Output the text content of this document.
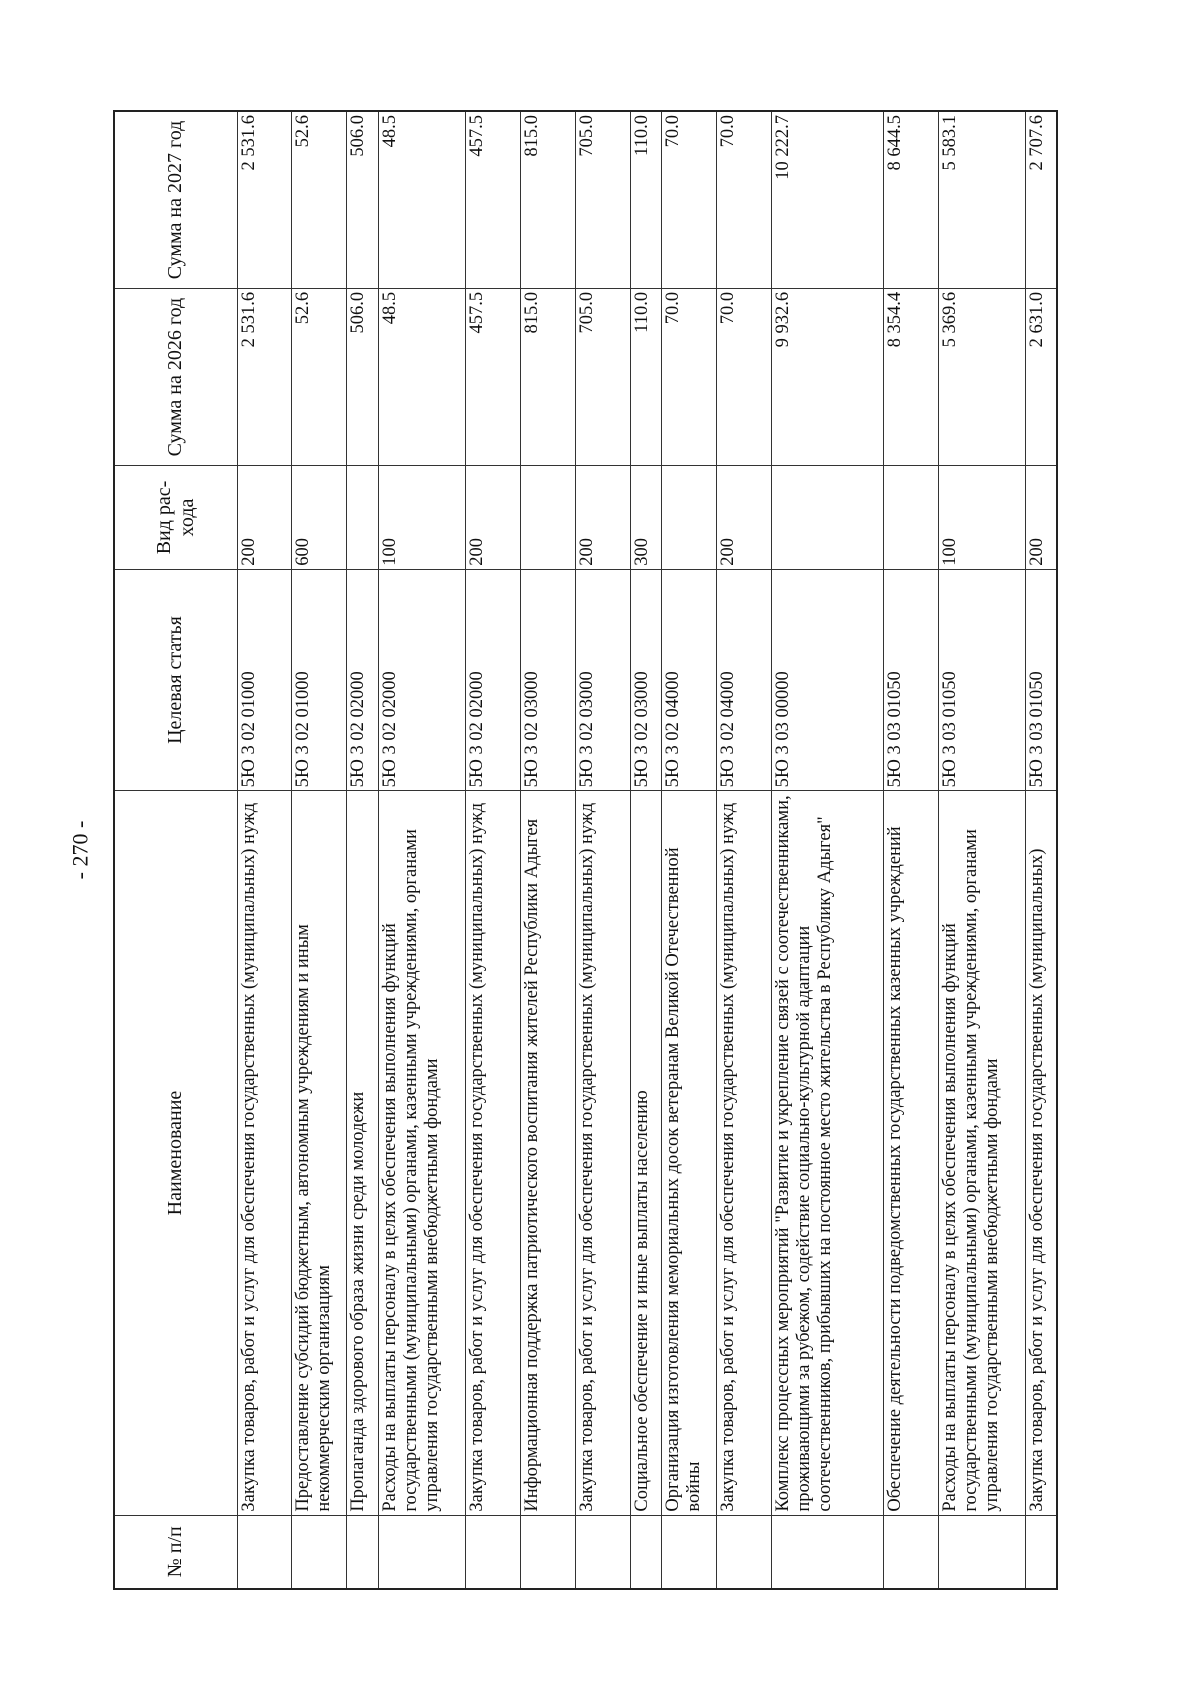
- 270 -
№ п/п	Наименование	Целевая статья	Вид рас-хода	Сумма на 2026 год	Сумма на 2027 год
	Закупка товаров, работ и услуг для обеспечения государственных (муниципальных) нужд	5Ю 3 02 01000	200	2 531.6	2 531.6
	Предоставление субсидий бюджетным, автономным учреждениям и иным некоммерческим организациям	5Ю 3 02 01000	600	52.6	52.6
	Пропаганда здорового образа жизни среди молодежи	5Ю 3 02 02000		506.0	506.0
	Расходы на выплаты персоналу в целях обеспечения выполнения функций государственными (муниципальными) органами, казенными учреждениями, органами управления государственными внебюджетными фондами	5Ю 3 02 02000	100	48.5	48.5
	Закупка товаров, работ и услуг для обеспечения государственных (муниципальных) нужд	5Ю 3 02 02000	200	457.5	457.5
	Информационная поддержка патриотического воспитания жителей Республики Адыгея	5Ю 3 02 03000		815.0	815.0
	Закупка товаров, работ и услуг для обеспечения государственных (муниципальных) нужд	5Ю 3 02 03000	200	705.0	705.0
	Социальное обеспечение и иные выплаты населению	5Ю 3 02 03000	300	110.0	110.0
	Организация изготовления мемориальных досок ветеранам Великой Отечественной войны	5Ю 3 02 04000		70.0	70.0
	Закупка товаров, работ и услуг для обеспечения государственных (муниципальных) нужд	5Ю 3 02 04000	200	70.0	70.0
	Комплекс процессных мероприятий "Развитие и укрепление связей с соотечественниками, проживающими за рубежом, содействие социально-культурной адаптации соотечественников, прибывших на постоянное место жительства в Республику Адыгея"	5Ю 3 03 00000		9 932.6	10 222.7
	Обеспечение деятельности подведомственных государственных казенных учреждений	5Ю 3 03 01050		8 354.4	8 644.5
	Расходы на выплаты персоналу в целях обеспечения выполнения функций государственными (муниципальными) органами, казенными учреждениями, органами управления государственными внебюджетными фондами	5Ю 3 03 01050	100	5 369.6	5 583.1
	Закупка товаров, работ и услуг для обеспечения государственных (муниципальных)	5Ю 3 03 01050	200	2 631.0	2 707.6
